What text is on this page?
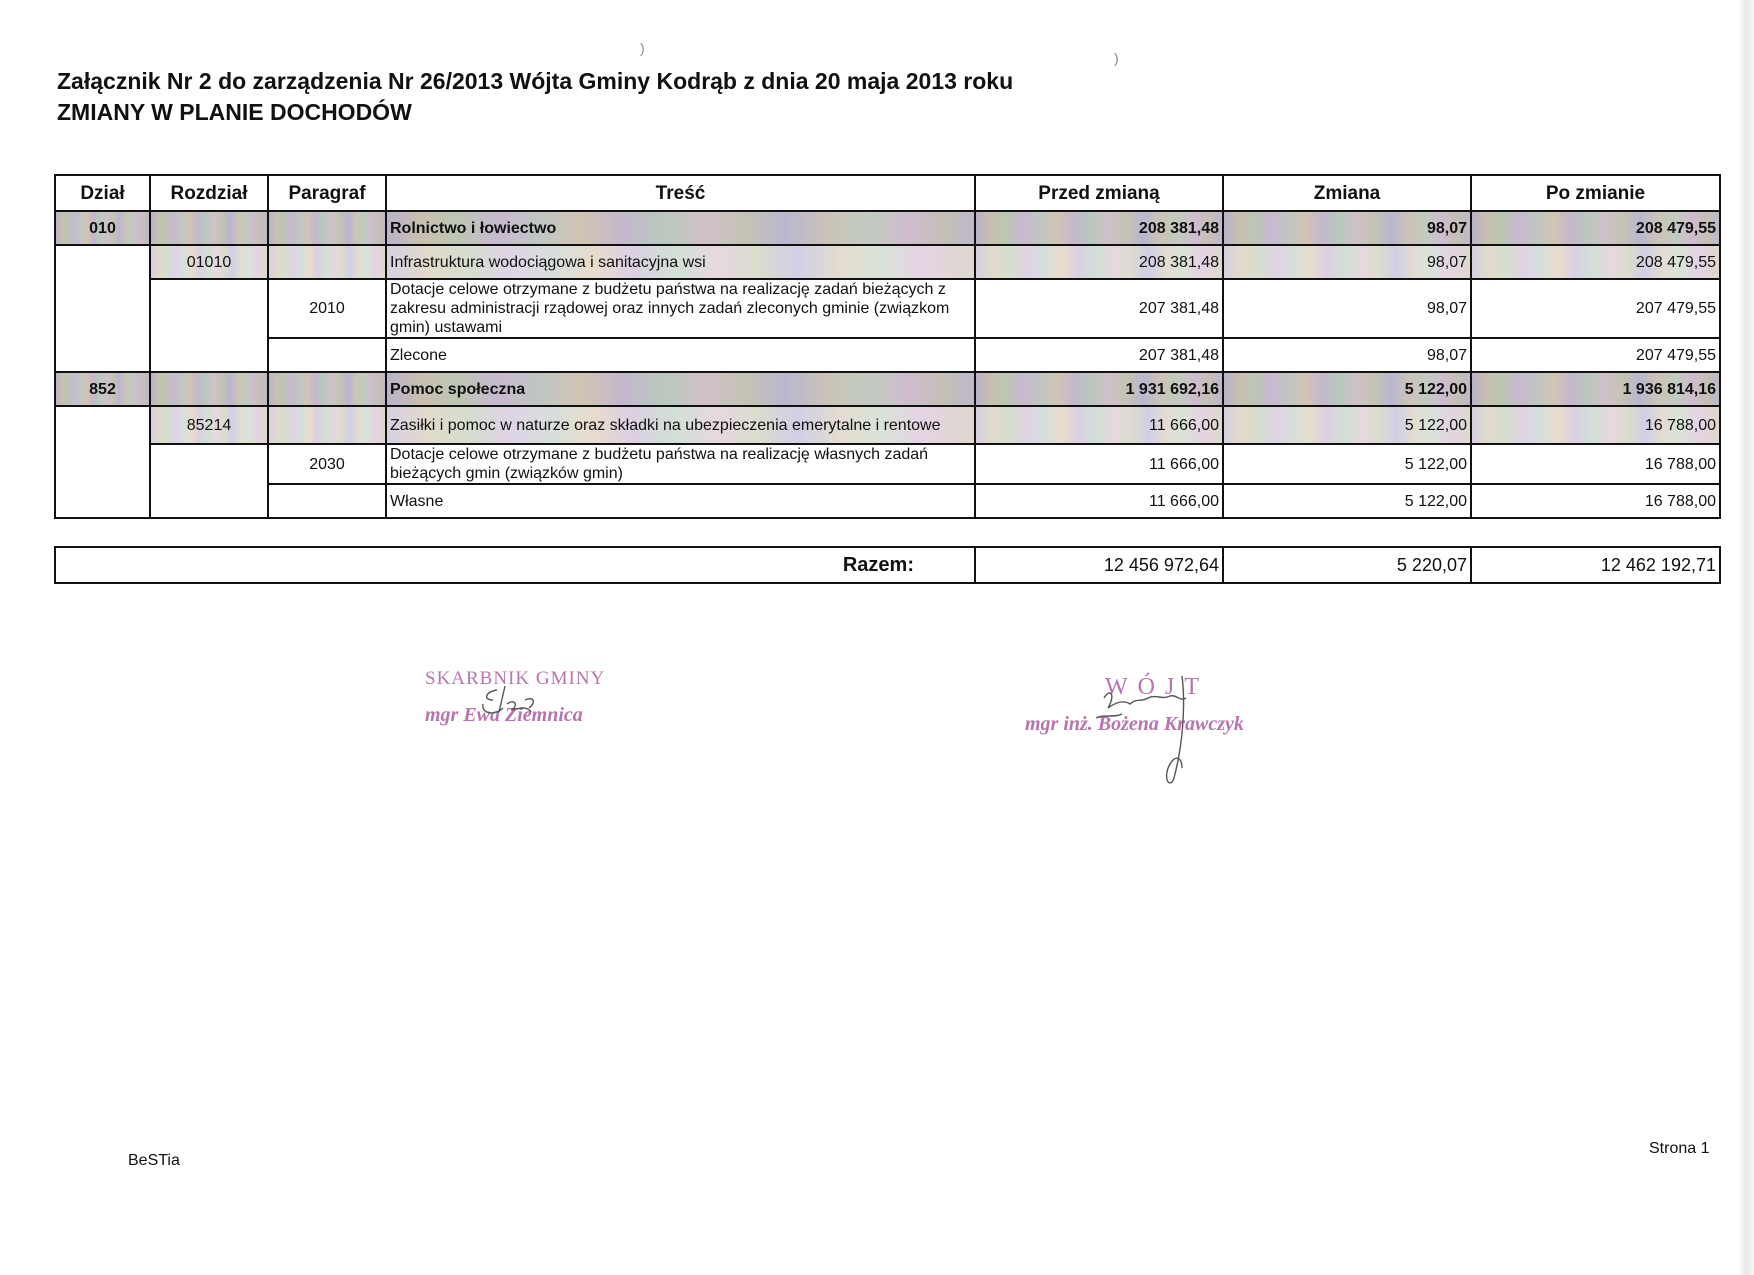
)
)
Załącznik Nr 2 do zarządzenia Nr 26/2013 Wójta Gminy Kodrąb z dnia 20 maja 2013 roku
ZMIANY W PLANIE DOCHODÓW
Dział	Rozdział	Paragraf	Treść	Przed zmianą	Zmiana	Po zmianie
010			Rolnictwo i łowiectwo	208 381,48	98,07	208 479,55
	01010		Infrastruktura wodociągowa i sanitacyjna wsi	208 381,48	98,07	208 479,55
		2010	Dotacje celowe otrzymane z budżetu państwa na realizację zadań bieżących z zakresu administracji rządowej oraz innych zadań zleconych gminie (związkom gmin) ustawami	207 381,48	98,07	207 479,55
			Zlecone	207 381,48	98,07	207 479,55
852			Pomoc społeczna	1 931 692,16	5 122,00	1 936 814,16
	85214		Zasiłki i pomoc w naturze oraz składki na ubezpieczenia emerytalne i rentowe	11 666,00	5 122,00	16 788,00
		2030	Dotacje celowe otrzymane z budżetu państwa na realizację własnych zadań bieżących gmin (związków gmin)	11 666,00	5 122,00	16 788,00
			Własne	11 666,00	5 122,00	16 788,00
Razem:	12 456 972,64	5 220,07	12 462 192,71
SKARBNIK GMINY
mgr Ewa Ziemnica
WÓJT
mgr inż. Bożena Krawczyk
BeSTia
Strona 1
